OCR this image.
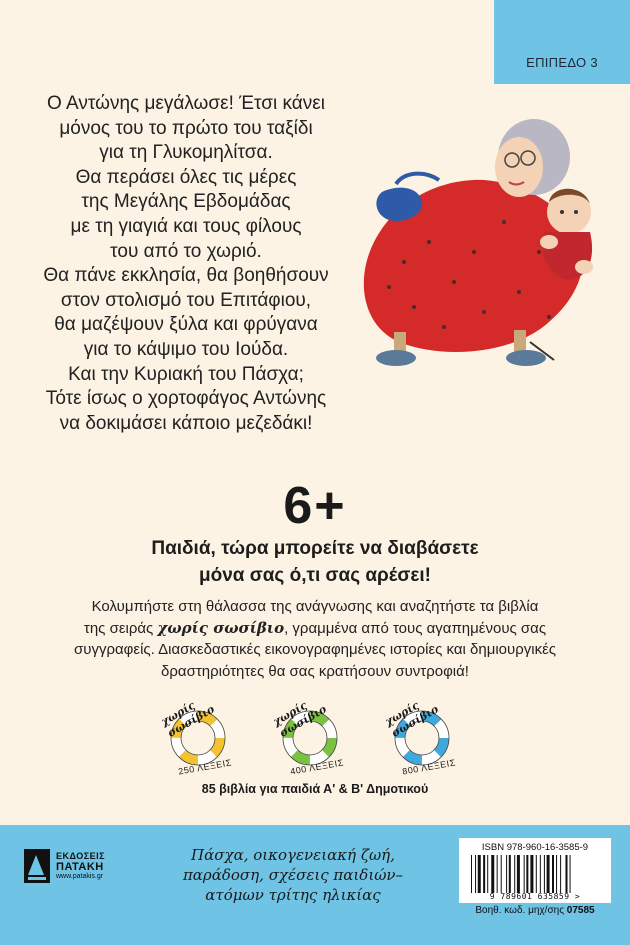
ΕΠΙΠΕΔΟ 3
Ο Αντώνης μεγάλωσε! Έτσι κάνει
μόνος του το πρώτο του ταξίδι
για τη Γλυκομηλίτσα.
Θα περάσει όλες τις μέρες
της Μεγάλης Εβδομάδας
με τη γιαγιά και τους φίλους
του από το χωριό.
Θα πάνε εκκλησία, θα βοηθήσουν
στον στολισμό του Επιτάφιου,
θα μαζέψουν ξύλα και φρύγανα
για το κάψιμο του Ιούδα.
Και την Κυριακή του Πάσχα;
Τότε ίσως ο χορτοφάγος Αντώνης
να δοκιμάσει κάποιο μεζεδάκι!
6+
Παιδιά, τώρα μπορείτε να διαβάσετε
μόνα σας ό,τι σας αρέσει!
Κολυμπήστε στη θάλασσα της ανάγνωσης και αναζητήστε τα βιβλία
της σειράς χωρίς σωσίβιο, γραμμένα από τους αγαπημένους σας
συγγραφείς. Διασκεδαστικές εικονογραφημένες ιστορίες και δημιουργικές
δραστηριότητες θα σας κρατήσουν συντροφιά!
χωρίς σωσίβιο
250 ΛΕΞΕΙΣ
χωρίς σωσίβιο
400 ΛΕΞΕΙΣ
χωρίς σωσίβιο
800 ΛΕΞΕΙΣ
85 βιβλία για παιδιά Α' & Β' Δημοτικού
ΕΚΔΟΣΕΙΣ
ΠΑΤΑΚΗ
www.patakis.gr
Πάσχα, οικογενειακή ζωή,
παράδοση, σχέσεις παιδιών–
ατόμων τρίτης ηλικίας
ISBN 978-960-16-3585-9
9 789601 635859 >
Βοηθ. κωδ. μηχ/σης 07585
